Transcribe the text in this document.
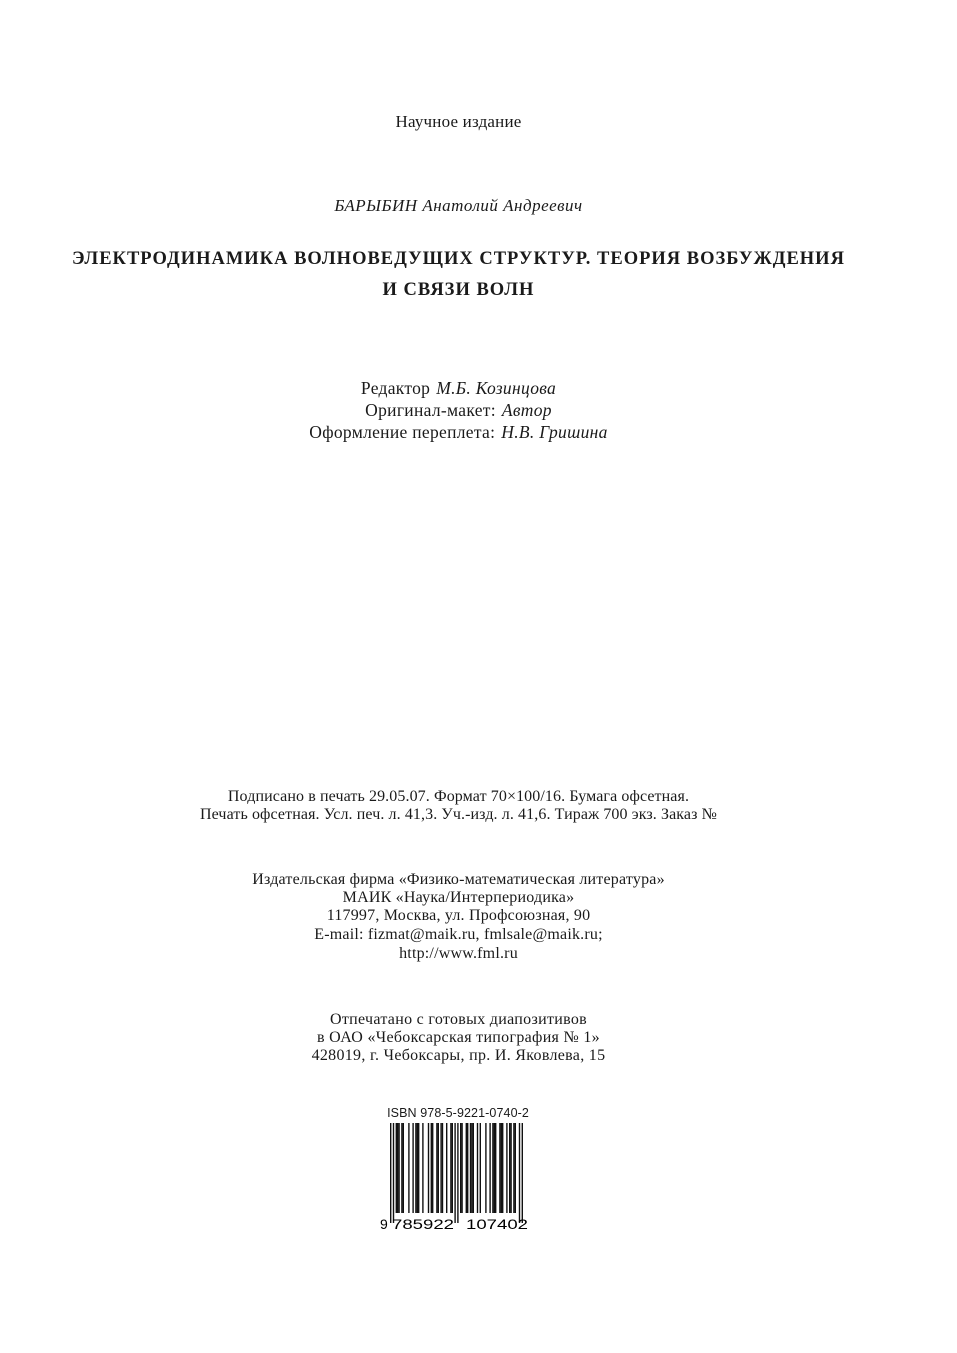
Научное издание
БАРЫБИН Анатолий Андреевич
ЭЛЕКТРОДИНАМИКА ВОЛНОВЕДУЩИХ СТРУКТУР. ТЕОРИЯ ВОЗБУЖДЕНИЯ
И СВЯЗИ ВОЛН
Редактор М.Б. Козинцова
Оригинал-макет: Автор
Оформление переплета: Н.В. Гришина
Подписано в печать 29.05.07. Формат 70×100/16. Бумага офсетная.
Печать офсетная. Усл. печ. л. 41,3. Уч.-изд. л. 41,6. Тираж 700 экз. Заказ №
Издательская фирма «Физико-математическая литература»
МАИК «Наука/Интерпериодика»
117997, Москва, ул. Профсоюзная, 90
E-mail: fizmat@maik.ru, fmlsale@maik.ru;
http://www.fml.ru
Отпечатано с готовых диапозитивов
в ОАО «Чебоксарская типография № 1»
428019, г. Чебоксары, пр. И. Яковлева, 15
ISBN 978-5-9221-0740-2
9 785922 107402
